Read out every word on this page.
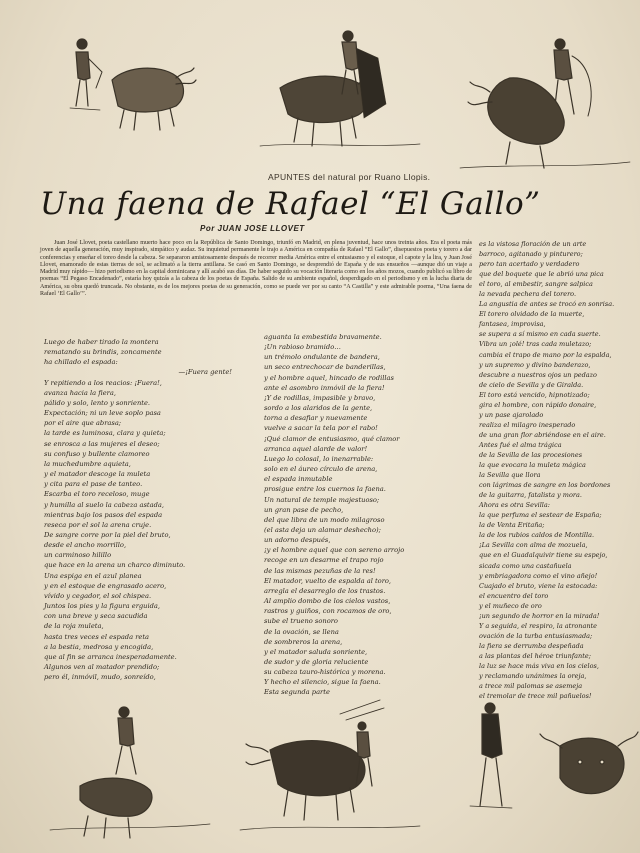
APUNTES del natural por Ruano Llopis.
Una faena de Rafael “El Gallo”
Por JUAN JOSE LLOVET

Juan José Llovet, poeta castellano muerto hace poco en la República de Santo Domingo, triunfó en Madrid, en plena juventud, hace unos treinta años. Era el poeta más joven de aquella generación, muy inspirado, simpático y audaz. Su inquietud permanente le trajo a América en compañía de Rafael “El Gallo”, disepuestos poeta y torero a dar conferencias y enseñar el toreo desde la cabeza. Se separaron amistosamente después de recorrer media América entre el entusiasmo y el estoque, el capote y la lira, y Juan José Llovet, enamorado de estas tierras de sol, se aclimató a la tierra antillana. Se casó en Santo Domingo, se desprendió de España y de sus ensueños —aunque dió un viaje a Madrid muy rápido— hizo periodismo en la capital dominicana y allí acabó sus días. De haber seguido su vocación literaria como en los años mozos, cuando publicó su libro de poemas “El Pegaso Encadenado”, estaría hoy quizás a la cabeza de los poetas de España. Salido de su ambiente español, desperdigado en el periodismo y en la lucha diaria de América, su obra quedó truncada. No obstante, es de los mejores poetas de su generación, como se puede ver por su canto “A Castilla” y este admirable poema, “Una faena de Rafael ‘El Gallo’”.

Luego de haber tirado la montera
rematando su brindis, zoncamente
ha chillado el espada:
—¡Fuera gente!
Y repitiendo a los reacios: ¡Fuera!,
avanza hacia la fiera,
pálido y solo, lento y sonriente.
Expectación; ni un leve soplo pasa
por el aire que abrasa;
la tarde es luminosa, clara y quieta;
se enrosca a las mujeres el deseo;
su confuso y bullente clamoreo
la muchedumbre aquieta,
y el matador descoge la muleta
y cita para el pase de tanteo.
Escarba el toro receloso, muge
y humilla al suelo la cabeza astada,
mientras bajo los pasos del espada
reseca por el sol la arena cruje.
De sangre corre por la piel del bruto,
desde el ancho morrillo,
un carminoso hilillo
que hace en la arena un charco diminuto.
Una espiga en el azul planea
y en el estoque de engrasado acero,
vívido y cegador, el sol chispea.
Juntos los pies y la figura erguida,
con una breve y seca sacudida
de la roja muleta,
hasta tres veces el espada reta
a la bestia, medrosa y encogida,
que al fin se arranca inesperadamente.
Algunos ven al matador prendido;
pero él, inmóvil, mudo, sonreído,
aguanta la embestida bravamente.
¡Un rabioso bramido…
un trémolo ondulante de bandera,
un seco entrechocar de banderillas,
y el hombre aquel, hincado de rodillas
ante el asombro inmóvil de la fiera!
¡Y de rodillas, impasible y bravo,
sordo a los alaridos de la gente,
torna a desafiar y nuevamente
vuelve a sacar la tela por el rabo!
¡Qué clamor de entusiasmo, qué clamor
arranca aquel alarde de valor!
Luego lo colosal, lo inenarrable:
solo en el áureo círculo de arena,
el espada inmutable
prosigue entre los cuernos la faena.
Un natural de temple majestuoso;
un gran pase de pecho,
del que libra de un modo milagroso
(el asta deja un alamar deshecho);
un adorno después,
¡y el hombre aquel que con sereno arrojo
recoge en un desarme el trapo rojo
de las mismas pezuñas de la res!
El matador, vuelto de espalda al toro,
arregla el desarreglo de los trastos.
Al amplio dombo de los cielos vastos,
rastros y guiños, con rocamos de oro,
sube el trueno sonoro
de la ovación, se llena
de sombreros la arena,
y el matador saluda sonriente,
de sudor y de gloria reluciente
su cabeza tauro-histórica y morena.
Y hecho el silencio, sigue la faena.
Esta segunda parte
es la vistosa floración de un arte
barroco, agitanado y pinturero;
pero tan acertado y verdadero
que del boquete que le abrió una pica
el toro, al embestir, sangre salpica
la nevada pechera del torero.
La angustia de antes se trocó en sonrisa.
El torero olvidado de la muerte,
fantasea, improvisa,
se supera a sí mismo en cada suerte.
Vibra un ¡olé! tras cada muletazo;
cambia el trapo de mano por la espalda,
y un supremo y divino banderazo,
descubre a nuestros ojos un pedazo
de cielo de Sevilla y de Giralda.
El toro está vencido, hipnotizado;
gira el hombre, con rápido donaire,
y un pase ajarolado
realiza el milagro inesperado
de una gran flor abriéndose en el aire.
Antes fué el alma trágica
de la Sevilla de las procesiones
la que evocara la muleta mágica
la Sevilla que llora
con lágrimas de sangre en los bordones
de la guitarra, fatalista y mora.
Ahora es otra Sevilla:
la que perfuma el sestear de España;
la de Venta Eritaña;
la de los rubios caldos de Montilla.
¡La Sevilla con alma de mozuela,
que en el Guadalquivir tiene su espejo,
sicada como una castañuela
y embriagadora como el vino añejo!
Cuajado el bruto, viene la estocada:
el encuentro del toro
y el muñeco de oro
¡un segundo de horror en la mirada!
Y a seguida, el respiro, la atronante
ovación de la turba entusiasmada;
la fiera se derrumba despeñada
a las plantas del héroe triunfante;
la luz se hace más viva en los cielos,
y reclamando unánimes la oreja,
a trece mil palomas se asemeja
el tremolar de trece mil pañuelos!
